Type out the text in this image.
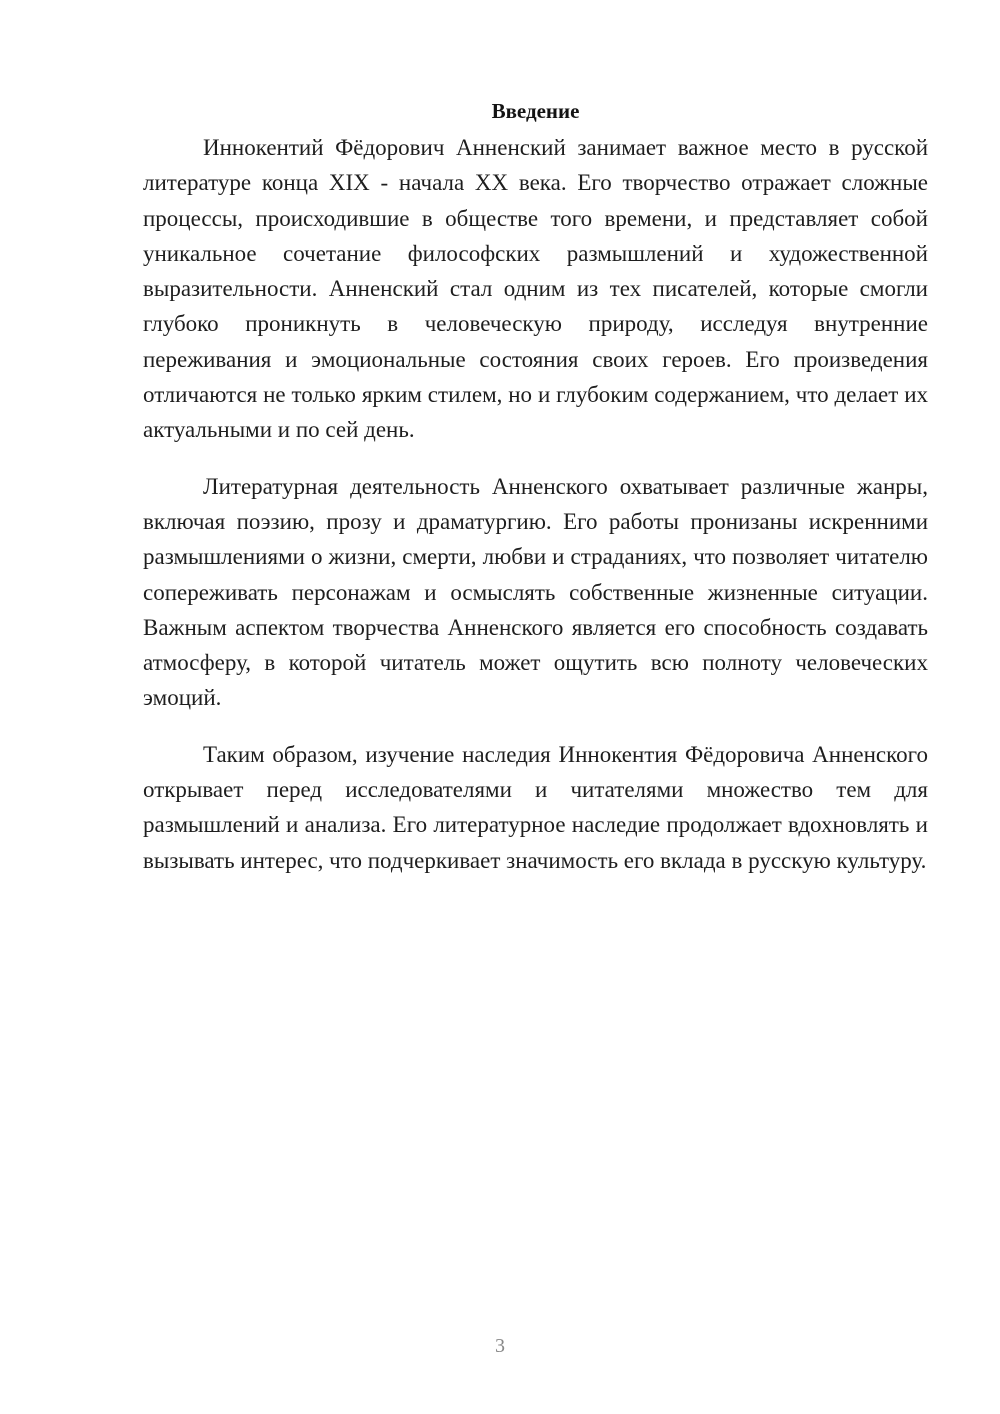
Введение

Иннокентий Фёдорович Анненский занимает важное место в русской литературе конца XIX - начала XX века. Его творчество отражает сложные процессы, происходившие в обществе того времени, и представляет собой уникальное сочетание философских размышлений и художественной выразительности. Анненский стал одним из тех писателей, которые смогли глубоко проникнуть в человеческую природу, исследуя внутренние переживания и эмоциональные состояния своих героев. Его произведения отличаются не только ярким стилем, но и глубоким содержанием, что делает их актуальными и по сей день.

Литературная деятельность Анненского охватывает различные жанры, включая поэзию, прозу и драматургию. Его работы пронизаны искренними размышлениями о жизни, смерти, любви и страданиях, что позволяет читателю сопереживать персонажам и осмыслять собственные жизненные ситуации. Важным аспектом творчества Анненского является его способность создавать атмосферу, в которой читатель может ощутить всю полноту человеческих эмоций.

Таким образом, изучение наследия Иннокентия Фёдоровича Анненского открывает перед исследователями и читателями множество тем для размышлений и анализа. Его литературное наследие продолжает вдохновлять и вызывать интерес, что подчеркивает значимость его вклада в русскую культуру.

3
